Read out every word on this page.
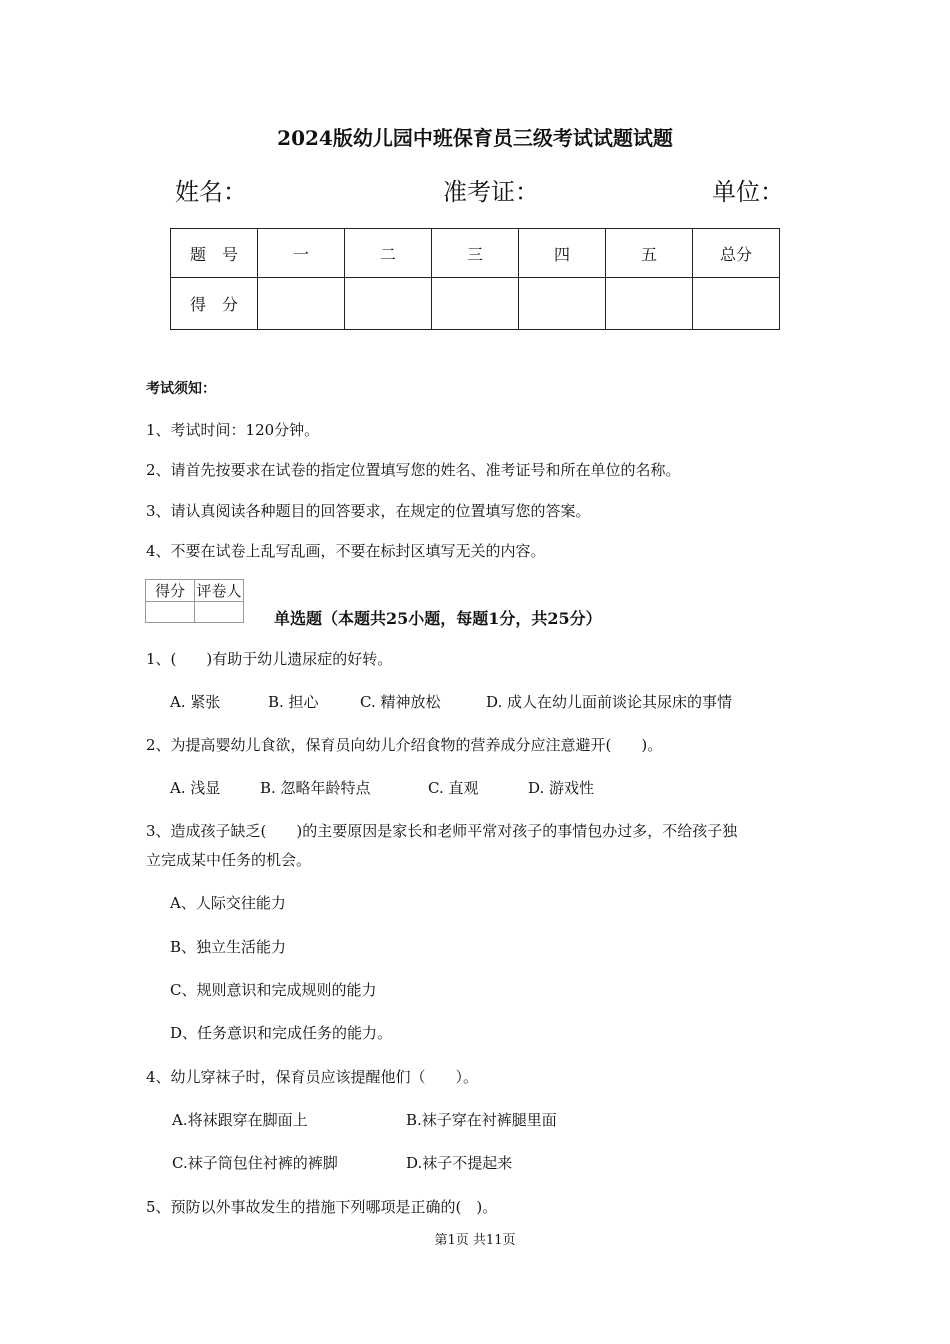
2024版幼儿园中班保育员三级考试试题试题
姓名：	准考证：	单位：
题　号	一	二	三	四	五	总分
得　分						
考试须知：
1、考试时间：120分钟。
2、请首先按要求在试卷的指定位置填写您的姓名、准考证号和所在单位的名称。
3、请认真阅读各种题目的回答要求，在规定的位置填写您的答案。
4、不要在试卷上乱写乱画，不要在标封区填写无关的内容。
得分	评卷人

单选题（本题共25小题，每题1分，共25分）
1、(　　)有助于幼儿遗尿症的好转。
A. 紧张	B. 担心	C. 精神放松	D. 成人在幼儿面前谈论其尿床的事情
2、为提高婴幼儿食欲，保育员向幼儿介绍食物的营养成分应注意避开(　　)。
A. 浅显	B. 忽略年龄特点	C. 直观	D. 游戏性
3、造成孩子缺乏(　　)的主要原因是家长和老师平常对孩子的事情包办过多，不给孩子独
立完成某中任务的机会。
A、人际交往能力
B、独立生活能力
C、规则意识和完成规则的能力
D、任务意识和完成任务的能力。
4、幼儿穿袜子时，保育员应该提醒他们（　　）。
A.将袜跟穿在脚面上	B.袜子穿在衬裤腿里面
C.袜子筒包住衬裤的裤脚	D.袜子不提起来
5、预防以外事故发生的措施下列哪项是正确的(　)。
第1页 共11页
